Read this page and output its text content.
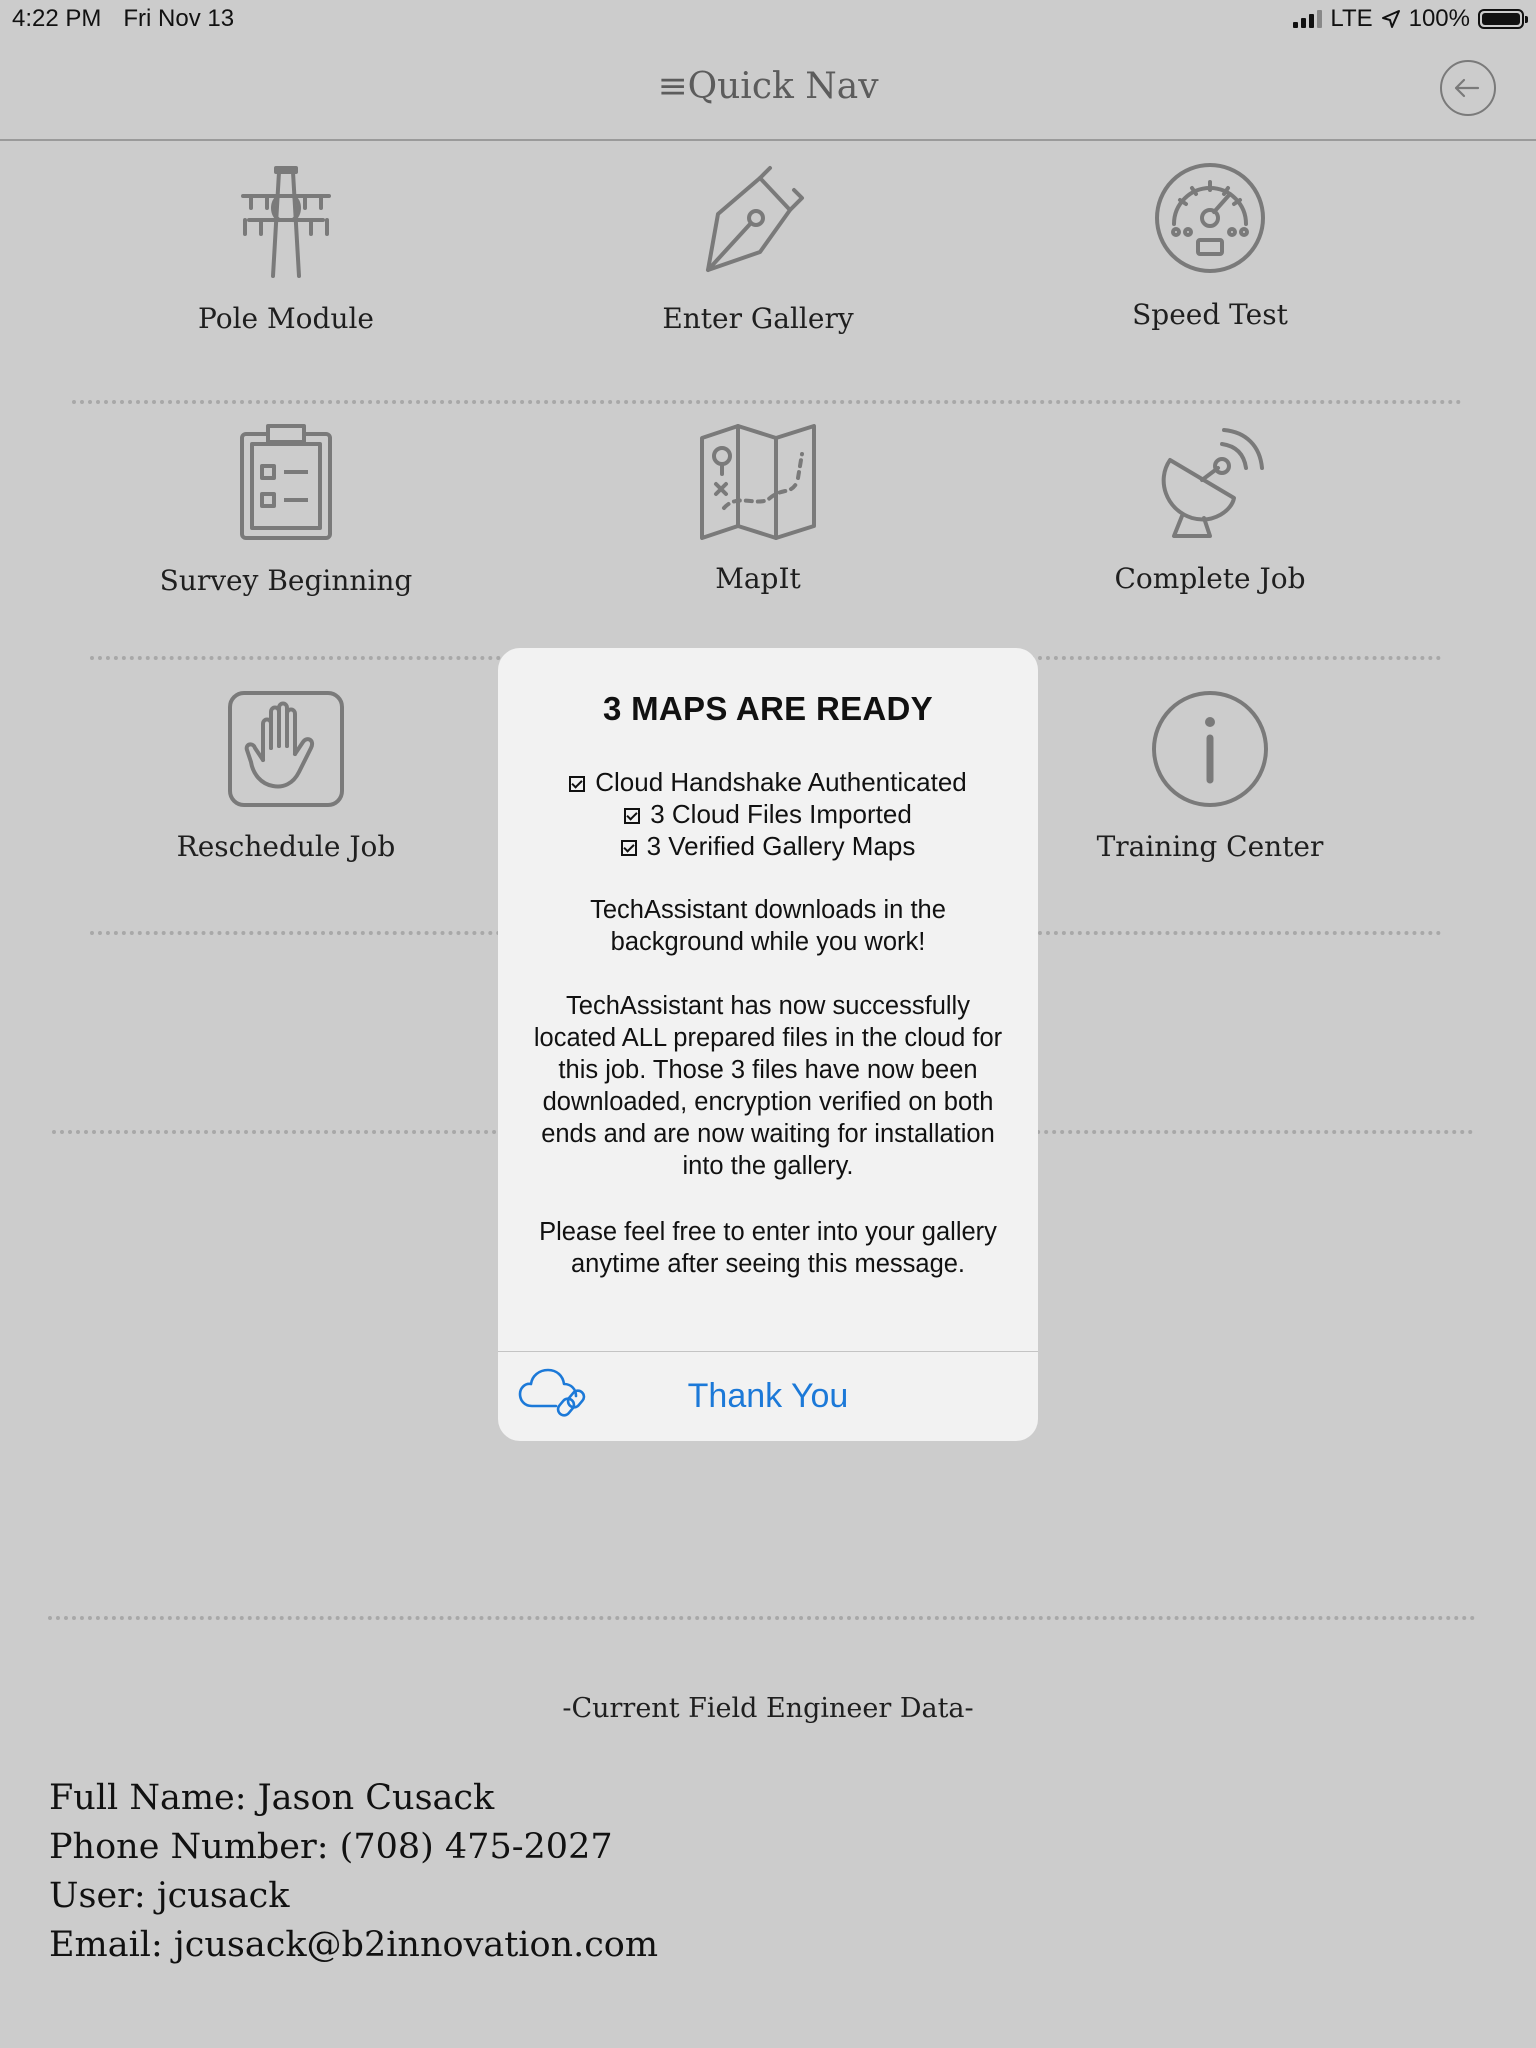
4:22 PM Fri Nov 13	LTE 100%
≡Quick Nav
Pole Module	Enter Gallery	Speed Test
Survey Beginning	MapIt	Complete Job
Reschedule Job	Training Center
3 MAPS ARE READY
Cloud Handshake Authenticated
3 Cloud Files Imported
3 Verified Gallery Maps
TechAssistant downloads in the background while you work!
TechAssistant has now successfully located ALL prepared files in the cloud for this job. Those 3 files have now been downloaded, encryption verified on both ends and are now waiting for installation into the gallery.
Please feel free to enter into your gallery anytime after seeing this message.
Thank You
-Current Field Engineer Data-
Full Name: Jason Cusack
Phone Number: (708) 475-2027
User: jcusack
Email: jcusack@b2innovation.com
